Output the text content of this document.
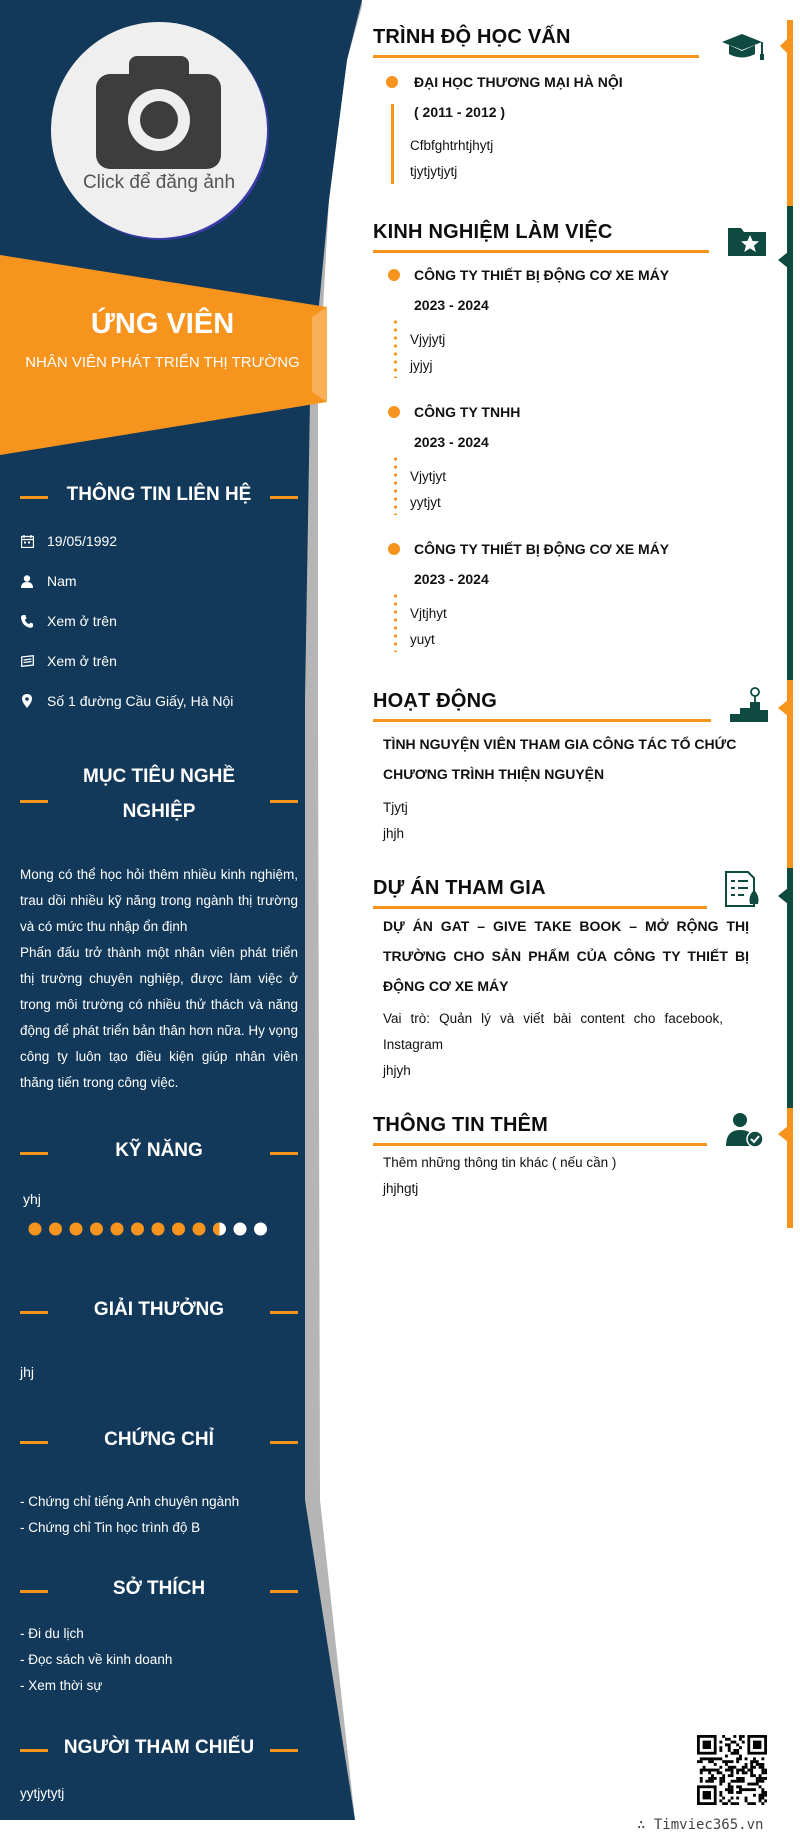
Click để đăng ảnh
ỨNG VIÊN
NHÂN VIÊN PHÁT TRIỂN THỊ TRƯỜNG
THÔNG TIN LIÊN HỆ
19/05/1992
Nam
Xem ở trên
Xem ở trên
Số 1 đường Cầu Giấy, Hà Nội
MỤC TIÊU NGHỀ
NGHIỆP
Mong có thể học hỏi thêm nhiều kinh nghiệm, trau dồi nhiều kỹ năng trong ngành thị trường và có mức thu nhập ổn định
Phấn đấu trở thành một nhân viên phát triển thị trường chuyên nghiệp, được làm việc ở trong môi trường có nhiều thử thách và năng động để phát triển bản thân hơn nữa. Hy vọng công ty luôn tạo điều kiện giúp nhân viên thăng tiến trong công việc.
KỸ NĂNG
yhj
GIẢI THƯỞNG
jhj
CHỨNG CHỈ
- Chứng chỉ tiếng Anh chuyên ngành
- Chứng chỉ Tin học trình độ B
SỞ THÍCH
- Đi du lịch
- Đọc sách về kinh doanh
- Xem thời sự
NGƯỜI THAM CHIẾU
yytjytytj
TRÌNH ĐỘ HỌC VẤN
ĐẠI HỌC THƯƠNG MẠI HÀ NỘI
( 2011 - 2012 )
Cfbfghtrhtjhytj
tjytjytjytj
KINH NGHIỆM LÀM VIỆC
CÔNG TY THIẾT BỊ ĐỘNG CƠ XE MÁY
2023 - 2024
Vjyjytj
jyjyj
CÔNG TY TNHH
2023 - 2024
Vjytjyt
yytjyt
CÔNG TY THIẾT BỊ ĐỘNG CƠ XE MÁY
2023 - 2024
Vjtjhyt
yuyt
HOẠT ĐỘNG
TÌNH NGUYỆN VIÊN THAM GIA CÔNG TÁC TỔ CHỨC
CHƯƠNG TRÌNH THIỆN NGUYỆN
Tjytj
jhjh
DỰ ÁN THAM GIA
DỰ ÁN GAT – GIVE TAKE BOOK – MỞ RỘNG THỊ
TRƯỜNG CHO SẢN PHẨM CỦA CÔNG TY THIẾT BỊ
ĐỘNG CƠ XE MÁY
Vai trò: Quản lý và viết bài content cho facebook,
Instagram
jhjyh
THÔNG TIN THÊM
Thêm những thông tin khác ( nếu cần )
jhjhgtj
∴ Timviec365.vn
